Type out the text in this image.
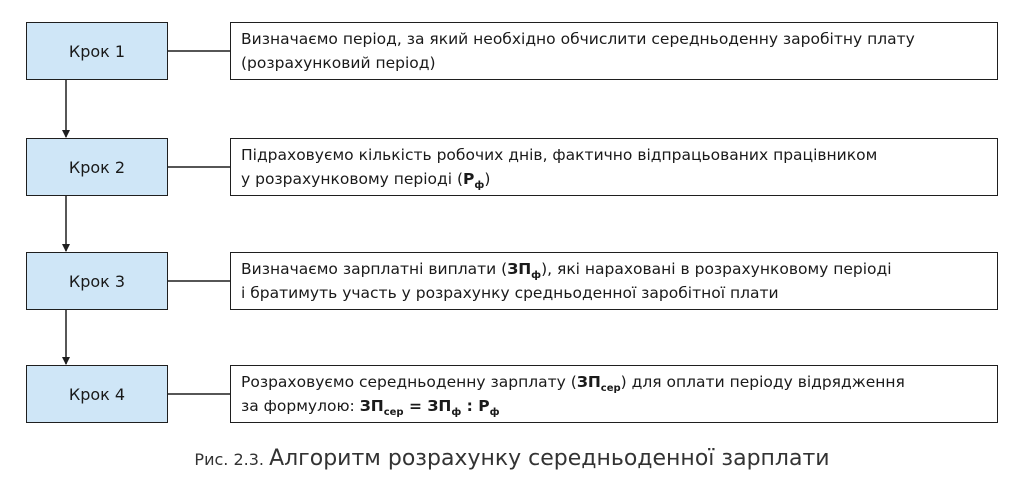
Крок 1
Визначаємо період, за який необхідно обчислити середньоденну заробітну плату
(розрахунковий період)
Крок 2
Підраховуємо кількість робочих днів, фактично відпрацьованих працівником
у розрахунковому періоді $(Р_ф)$
Крок 3
Визначаємо зарплатні виплати $(ЗП_ф)$, які нараховані в розрахунковому періоді
і братимуть участь у розрахунку средньоденної заробітної плати
Крок 4
Розраховуємо середньоденну зарплату $(ЗП_{сер})$ для оплати періоду відрядження
за формулою: $ЗП_{сер} = ЗП_ф$ : $Р_ф$
Рис. 2.3. Алгоритм розрахунку середньоденної зарплати
